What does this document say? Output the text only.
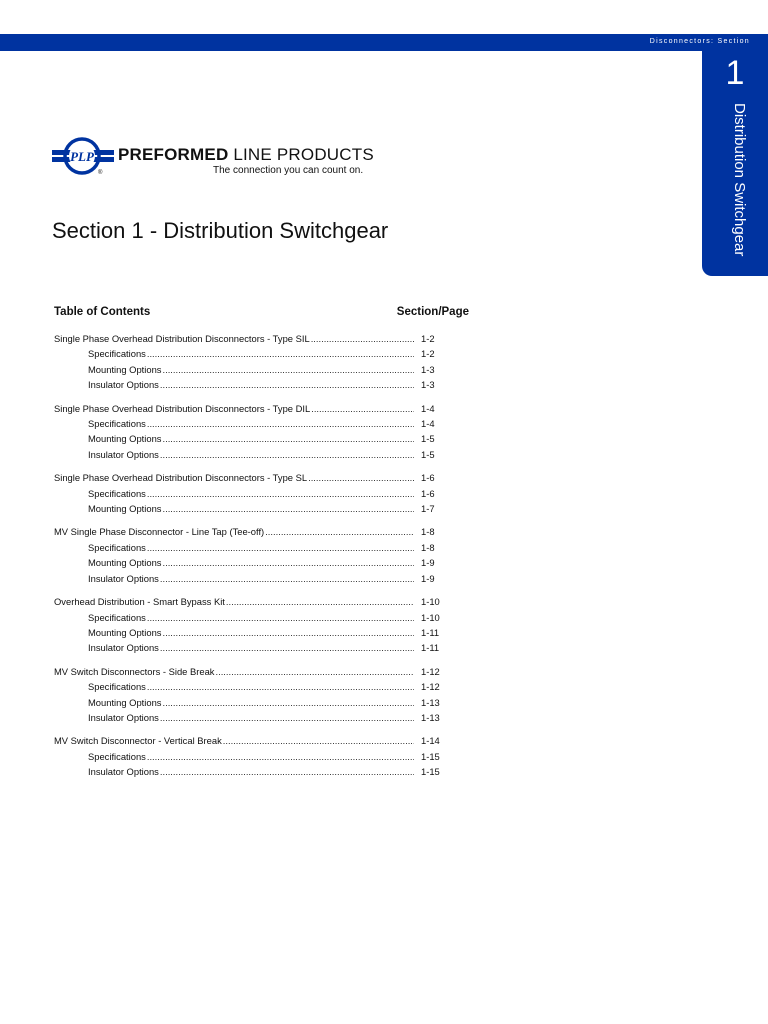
Disconnectors: Section
1
Distribution Switchgear
PLP
®
PREFORMED LINE PRODUCTS
The connection you can count on.
Section 1 - Distribution Switchgear
Table of Contents	Section/Page
Single Phase Overhead Distribution Disconnectors - Type SIL .....	1-2
Specifications .....	1-2
Mounting Options .....	1-3
Insulator Options .....	1-3
Single Phase Overhead Distribution Disconnectors - Type DIL .....	1-4
Specifications .....	1-4
Mounting Options .....	1-5
Insulator Options .....	1-5
Single Phase Overhead Distribution Disconnectors - Type SL .....	1-6
Specifications .....	1-6
Mounting Options .....	1-7
MV Single Phase Disconnector - Line Tap (Tee-off) .....	1-8
Specifications .....	1-8
Mounting Options .....	1-9
Insulator Options .....	1-9
Overhead Distribution - Smart Bypass Kit .....	1-10
Specifications .....	1-10
Mounting Options .....	1-11
Insulator Options .....	1-11
MV Switch Disconnectors - Side Break .....	1-12
Specifications .....	1-12
Mounting Options .....	1-13
Insulator Options .....	1-13
MV Switch Disconnector - Vertical Break .....	1-14
Specifications .....	1-15
Insulator Options .....	1-15
